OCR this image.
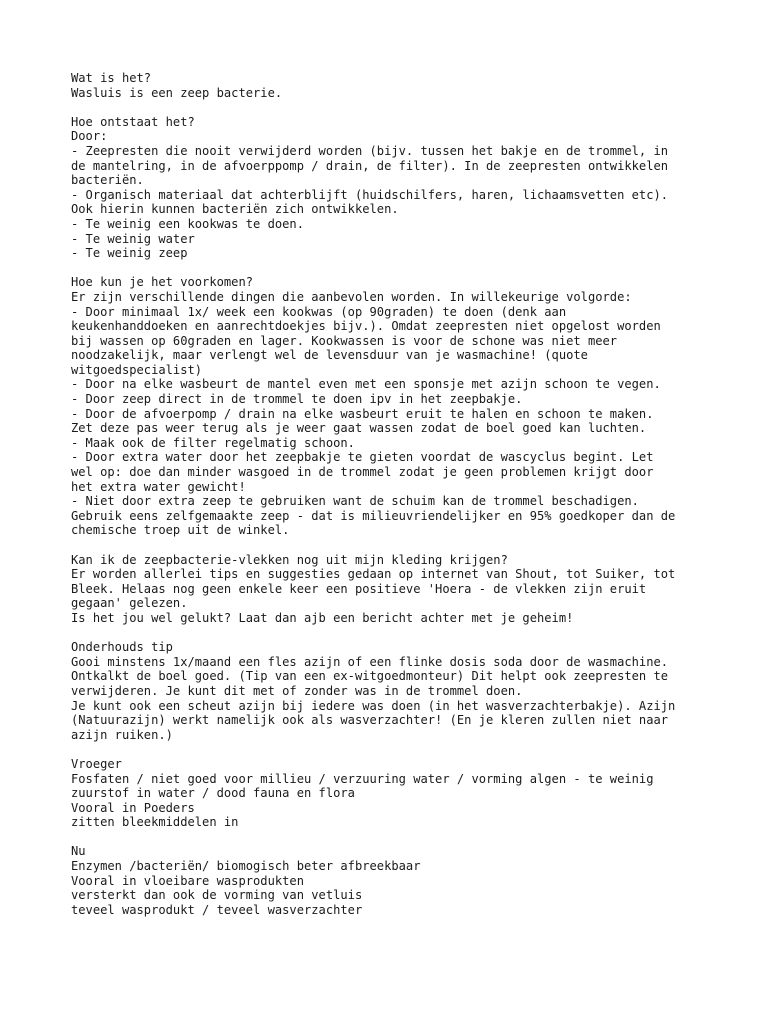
Wat is het?
Wasluis is een zeep bacterie.
Hoe ontstaat het?
Door:
- Zeepresten die nooit verwijderd worden (bijv. tussen het bakje en de trommel, in
de mantelring, in de afvoerppomp / drain, de filter). In de zeepresten ontwikkelen
bacteriën.
- Organisch materiaal dat achterblijft (huidschilfers, haren, lichaamsvetten etc).
Ook hierin kunnen bacteriën zich ontwikkelen.
- Te weinig een kookwas te doen.
- Te weinig water
- Te weinig zeep
Hoe kun je het voorkomen?
Er zijn verschillende dingen die aanbevolen worden. In willekeurige volgorde:
- Door minimaal 1x/ week een kookwas (op 90graden) te doen (denk aan
keukenhanddoeken en aanrechtdoekjes bijv.). Omdat zeepresten niet opgelost worden
bij wassen op 60graden en lager. Kookwassen is voor de schone was niet meer
noodzakelijk, maar verlengt wel de levensduur van je wasmachine! (quote
witgoedspecialist)
- Door na elke wasbeurt de mantel even met een sponsje met azijn schoon te vegen.
- Door zeep direct in de trommel te doen ipv in het zeepbakje.
- Door de afvoerpomp / drain na elke wasbeurt eruit te halen en schoon te maken.
Zet deze pas weer terug als je weer gaat wassen zodat de boel goed kan luchten.
- Maak ook de filter regelmatig schoon.
- Door extra water door het zeepbakje te gieten voordat de wascyclus begint. Let
wel op: doe dan minder wasgoed in de trommel zodat je geen problemen krijgt door
het extra water gewicht!
- Niet door extra zeep te gebruiken want de schuim kan de trommel beschadigen.
Gebruik eens zelfgemaakte zeep - dat is milieuvriendelijker en 95% goedkoper dan de
chemische troep uit de winkel.
Kan ik de zeepbacterie-vlekken nog uit mijn kleding krijgen?
Er worden allerlei tips en suggesties gedaan op internet van Shout, tot Suiker, tot
Bleek. Helaas nog geen enkele keer een positieve 'Hoera - de vlekken zijn eruit
gegaan' gelezen.
Is het jou wel gelukt? Laat dan ajb een bericht achter met je geheim!
Onderhouds tip
Gooi minstens 1x/maand een fles azijn of een flinke dosis soda door de wasmachine.
Ontkalkt de boel goed. (Tip van een ex-witgoedmonteur) Dit helpt ook zeepresten te
verwijderen. Je kunt dit met of zonder was in de trommel doen.
Je kunt ook een scheut azijn bij iedere was doen (in het wasverzachterbakje). Azijn
(Natuurazijn) werkt namelijk ook als wasverzachter! (En je kleren zullen niet naar
azijn ruiken.)
Vroeger
Fosfaten / niet goed voor millieu / verzuuring water / vorming algen - te weinig
zuurstof in water / dood fauna en flora
Vooral in Poeders
zitten bleekmiddelen in
Nu
Enzymen /bacteriën/ biomogisch beter afbreekbaar
Vooral in vloeibare wasprodukten
versterkt dan ook de vorming van vetluis
teveel wasprodukt / teveel wasverzachter
